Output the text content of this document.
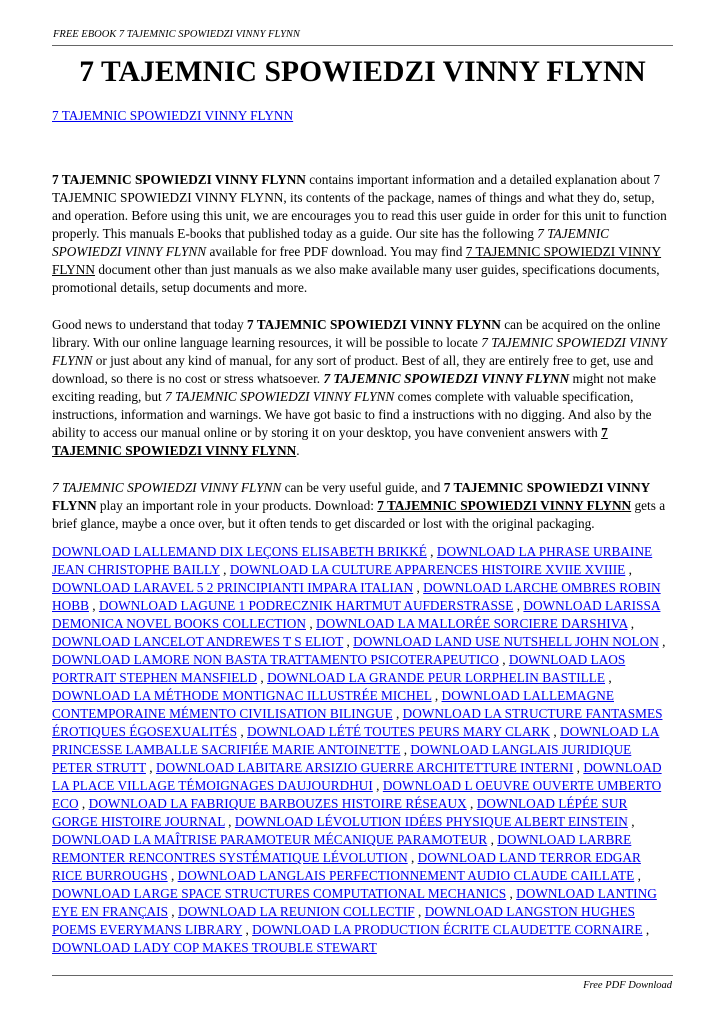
FREE EBOOK 7 TAJEMNIC SPOWIEDZI VINNY FLYNN
7 TAJEMNIC SPOWIEDZI VINNY FLYNN
7 TAJEMNIC SPOWIEDZI VINNY FLYNN

7 TAJEMNIC SPOWIEDZI VINNY FLYNN contains important information and a detailed explanation about 7 TAJEMNIC SPOWIEDZI VINNY FLYNN, its contents of the package, names of things and what they do, setup, and operation. Before using this unit, we are encourages you to read this user guide in order for this unit to function properly. This manuals E-books that published today as a guide. Our site has the following 7 TAJEMNIC SPOWIEDZI VINNY FLYNN available for free PDF download. You may find 7 TAJEMNIC SPOWIEDZI VINNY FLYNN document other than just manuals as we also make available many user guides, specifications documents, promotional details, setup documents and more.

Good news to understand that today 7 TAJEMNIC SPOWIEDZI VINNY FLYNN can be acquired on the online library. With our online language learning resources, it will be possible to locate 7 TAJEMNIC SPOWIEDZI VINNY FLYNN or just about any kind of manual, for any sort of product. Best of all, they are entirely free to get, use and download, so there is no cost or stress whatsoever. 7 TAJEMNIC SPOWIEDZI VINNY FLYNN might not make exciting reading, but 7 TAJEMNIC SPOWIEDZI VINNY FLYNN comes complete with valuable specification, instructions, information and warnings. We have got basic to find a instructions with no digging. And also by the ability to access our manual online or by storing it on your desktop, you have convenient answers with 7 TAJEMNIC SPOWIEDZI VINNY FLYNN.

7 TAJEMNIC SPOWIEDZI VINNY FLYNN can be very useful guide, and 7 TAJEMNIC SPOWIEDZI VINNY FLYNN play an important role in your products. Download: 7 TAJEMNIC SPOWIEDZI VINNY FLYNN gets a brief glance, maybe a once over, but it often tends to get discarded or lost with the original packaging.

DOWNLOAD LALLEMAND DIX LEÇONS ELISABETH BRIKKÉ , DOWNLOAD LA PHRASE URBAINE JEAN CHRISTOPHE BAILLY , DOWNLOAD LA CULTURE APPARENCES HISTOIRE XVIIE XVIIIE , DOWNLOAD LARAVEL 5 2 PRINCIPIANTI IMPARA ITALIAN , DOWNLOAD LARCHE OMBRES ROBIN HOBB , DOWNLOAD LAGUNE 1 PODRECZNIK HARTMUT AUFDERSTRASSE , DOWNLOAD LARISSA DEMONICA NOVEL BOOKS COLLECTION , DOWNLOAD LA MALLORÉE SORCIERE DARSHIVA , DOWNLOAD LANCELOT ANDREWES T S ELIOT , DOWNLOAD LAND USE NUTSHELL JOHN NOLON , DOWNLOAD LAMORE NON BASTA TRATTAMENTO PSICOTERAPEUTICO , DOWNLOAD LAOS PORTRAIT STEPHEN MANSFIELD , DOWNLOAD LA GRANDE PEUR LORPHELIN BASTILLE , DOWNLOAD LA MÉTHODE MONTIGNAC ILLUSTRÉE MICHEL , DOWNLOAD LALLEMAGNE CONTEMPORAINE MÉMENTO CIVILISATION BILINGUE , DOWNLOAD LA STRUCTURE FANTASMES ÉROTIQUES ÉGOSEXUALITÉS , DOWNLOAD LÉTÉ TOUTES PEURS MARY CLARK , DOWNLOAD LA PRINCESSE LAMBALLE SACRIFIÉE MARIE ANTOINETTE , DOWNLOAD LANGLAIS JURIDIQUE PETER STRUTT , DOWNLOAD LABITARE ARSIZIO GUERRE ARCHITETTURE INTERNI , DOWNLOAD LA PLACE VILLAGE TÉMOIGNAGES DAUJOURDHUI , DOWNLOAD L OEUVRE OUVERTE UMBERTO ECO , DOWNLOAD LA FABRIQUE BARBOUZES HISTOIRE RÉSEAUX , DOWNLOAD LÉPÉE SUR GORGE HISTOIRE JOURNAL , DOWNLOAD LÉVOLUTION IDÉES PHYSIQUE ALBERT EINSTEIN , DOWNLOAD LA MAÎTRISE PARAMOTEUR MÉCANIQUE PARAMOTEUR , DOWNLOAD LARBRE REMONTER RENCONTRES SYSTÉMATIQUE LÉVOLUTION , DOWNLOAD LAND TERROR EDGAR RICE BURROUGHS , DOWNLOAD LANGLAIS PERFECTIONNEMENT AUDIO CLAUDE CAILLATE , DOWNLOAD LARGE SPACE STRUCTURES COMPUTATIONAL MECHANICS , DOWNLOAD LANTING EYE EN FRANÇAIS , DOWNLOAD LA REUNION COLLECTIF , DOWNLOAD LANGSTON HUGHES POEMS EVERYMANS LIBRARY , DOWNLOAD LA PRODUCTION ÉCRITE CLAUDETTE CORNAIRE , DOWNLOAD LADY COP MAKES TROUBLE STEWART
Free PDF Download
